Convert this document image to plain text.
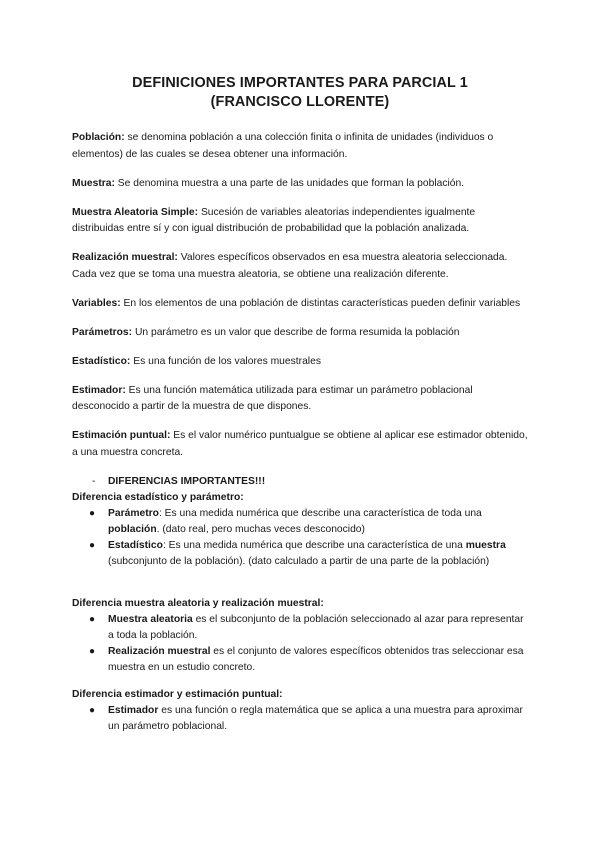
DEFINICIONES IMPORTANTES PARA PARCIAL 1
(FRANCISCO LLORENTE)

Población: se denomina población a una colección finita o infinita de unidades (individuos o elementos) de las cuales se desea obtener una información.

Muestra: Se denomina muestra a una parte de las unidades que forman la población.

Muestra Aleatoria Simple: Sucesión de variables aleatorias independientes igualmente distribuidas entre sí y con igual distribución de probabilidad que la población analizada.

Realización muestral: Valores específicos observados en esa muestra aleatoria seleccionada. Cada vez que se toma una muestra aleatoria, se obtiene una realización diferente.

Variables: En los elementos de una población de distintas características pueden definir variables

Parámetros: Un parámetro es un valor que describe de forma resumida la población

Estadístico: Es una función de los valores muestrales

Estimador: Es una función matemática utilizada para estimar un parámetro poblacional desconocido a partir de la muestra de que dispones.

Estimación puntual: Es el valor numérico puntualgue se obtiene al aplicar ese estimador obtenido, a una muestra concreta.

- DIFERENCIAS IMPORTANTES!!!
Diferencia estadístico y parámetro:
● Parámetro: Es una medida numérica que describe una característica de toda una población. (dato real, pero muchas veces desconocido)
● Estadístico: Es una medida numérica que describe una característica de una muestra (subconjunto de la población). (dato calculado a partir de una parte de la población)
Diferencia muestra aleatoria y realización muestral:
● Muestra aleatoria es el subconjunto de la población seleccionado al azar para representar a toda la población.
● Realización muestral es el conjunto de valores específicos obtenidos tras seleccionar esa muestra en un estudio concreto.
Diferencia estimador y estimación puntual:
● Estimador es una función o regla matemática que se aplica a una muestra para aproximar un parámetro poblacional.
